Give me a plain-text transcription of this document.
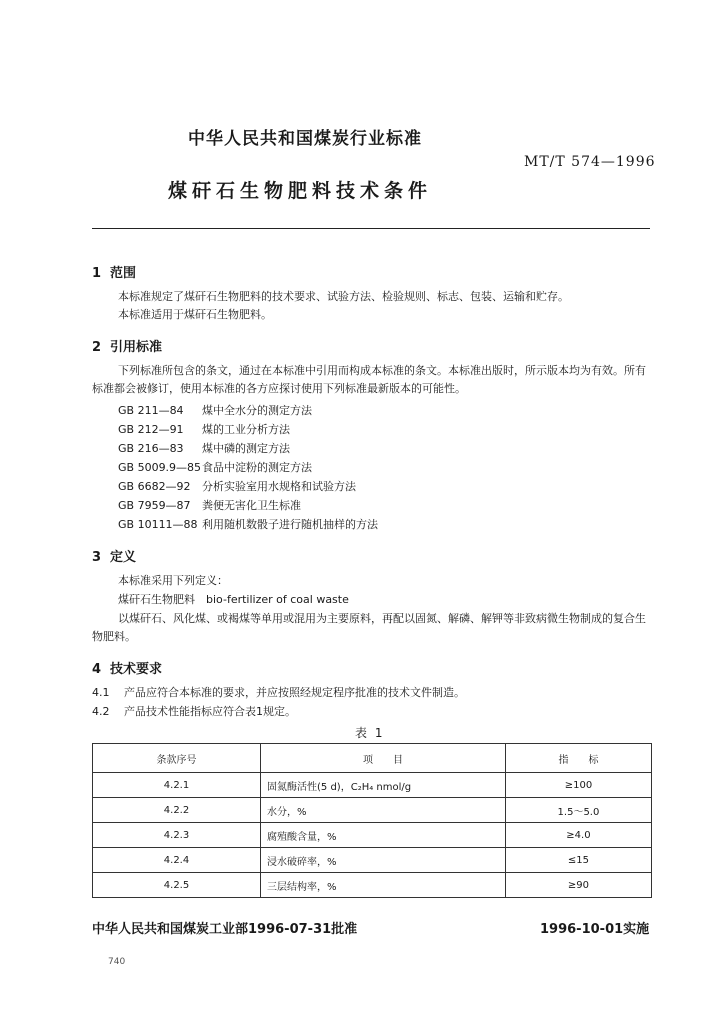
中华人民共和国煤炭行业标准
MT/T 574—1996
煤矸石生物肥料技术条件
1 范围
本标准规定了煤矸石生物肥料的技术要求、试验方法、检验规则、标志、包装、运输和贮存。
本标准适用于煤矸石生物肥料。
2 引用标准
下列标准所包含的条文，通过在本标准中引用而构成本标准的条文。本标准出版时，所示版本均为有效。所有标准都会被修订，使用本标准的各方应探讨使用下列标准最新版本的可能性。
GB 211—84 煤中全水分的测定方法
GB 212—91 煤的工业分析方法
GB 216—83 煤中磷的测定方法
GB 5009.9—85食品中淀粉的测定方法
GB 6682—92 分析实验室用水规格和试验方法
GB 7959—87 粪便无害化卫生标准
GB 10111—88 利用随机数骰子进行随机抽样的方法
3 定义
本标准采用下列定义：
煤矸石生物肥料　bio-fertilizer of coal waste
以煤矸石、风化煤、或褐煤等单用或混用为主要原料，再配以固氮、解磷、解钾等非致病微生物制成的复合生物肥料。
4 技术要求
4.1 产品应符合本标准的要求，并应按照经规定程序批准的技术文件制造。
4.2 产品技术性能指标应符合表1规定。
表 1
条款序号	项　　目	指　　标
4.2.1	固氮酶活性(5 d)，C₂H₄ nmol/g	≥100
4.2.2	水分，%	1.5～5.0
4.2.3	腐殖酸含量，%	≥4.0
4.2.4	浸水破碎率，%	≤15
4.2.5	三层结构率，%	≥90
中华人民共和国煤炭工业部1996-07-31批准	1996-10-01实施
740
